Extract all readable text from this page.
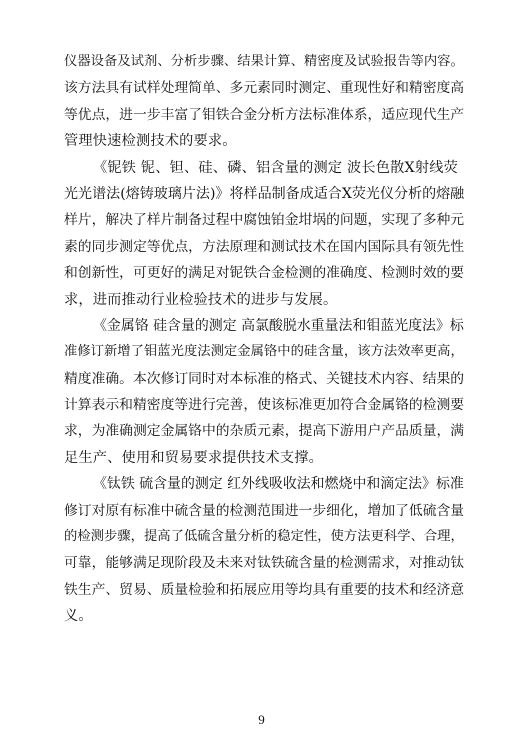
仪器设备及试剂、分析步骤、结果计算、精密度及试验报告等内容。
该方法具有试样处理简单、多元素同时测定、重现性好和精密度高
等优点，进一步丰富了钼铁合金分析方法标准体系，适应现代生产
管理快速检测技术的要求。

《铌铁 铌、钽、硅、磷、铝含量的测定 波长色散X射线荧
光光谱法(熔铸玻璃片法)》将样品制备成适合X荧光仪分析的熔融
样片，解决了样片制备过程中腐蚀铂金坩埚的问题，实现了多种元
素的同步测定等优点，方法原理和测试技术在国内国际具有领先性
和创新性，可更好的满足对铌铁合金检测的准确度、检测时效的要
求，进而推动行业检验技术的进步与发展。

《金属铬 硅含量的测定 高氯酸脱水重量法和钼蓝光度法》标
准修订新增了钼蓝光度法测定金属铬中的硅含量，该方法效率更高，
精度准确。本次修订同时对本标准的格式、关键技术内容、结果的
计算表示和精密度等进行完善，使该标准更加符合金属铬的检测要
求，为准确测定金属铬中的杂质元素，提高下游用户产品质量，满
足生产、使用和贸易要求提供技术支撑。

《钛铁 硫含量的测定 红外线吸收法和燃烧中和滴定法》标准
修订对原有标准中硫含量的检测范围进一步细化，增加了低硫含量
的检测步骤，提高了低硫含量分析的稳定性，使方法更科学、合理，
可靠，能够满足现阶段及未来对钛铁硫含量的检测需求，对推动钛
铁生产、贸易、质量检验和拓展应用等均具有重要的技术和经济意
义。

9
